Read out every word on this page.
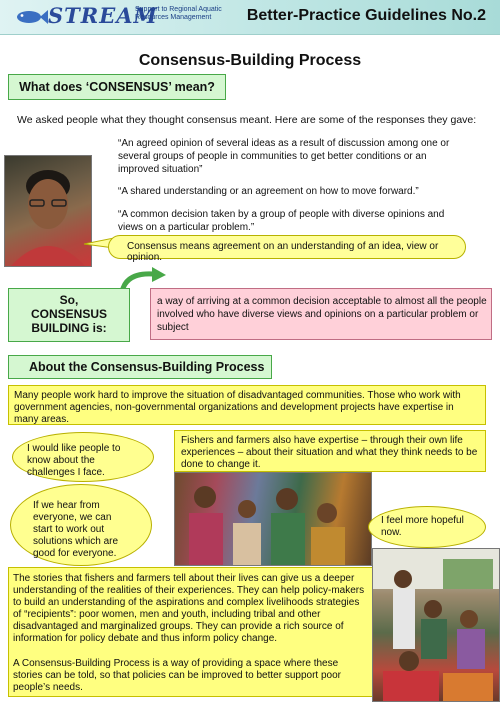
STREAM
Support to Regional Aquatic
Resources Management	Better-Practice Guidelines No.2
Consensus-Building Process
What does ‘CONSENSUS’ mean?
We asked people what they thought consensus meant. Here are some of the responses they gave:
“An agreed opinion of several ideas as a result of discussion among one or several groups of people in communities to get better conditions or an improved situation”
“A shared understanding or an agreement on how to move forward.”
“A common decision taken by a group of people with diverse opinions and views on a particular problem.”
Consensus means agreement on an understanding of an idea, view or opinion.
So,
CONSENSUS
BUILDING is:
a way of arriving at a common decision acceptable to almost all the people involved who have diverse views and opinions on a particular problem or subject
About the Consensus-Building Process
Many people work hard to improve the situation of disadvantaged communities. Those who work with government agencies, non-governmental organizations and development projects have expertise in many areas.
I would like people to know about the challenges I face.
If we hear from everyone, we can start to work out solutions which are good for everyone.
Fishers and farmers also have expertise – through their own life experiences – about their situation and what they think needs to be done to change it.
I feel more hopeful now.
The stories that fishers and farmers tell about their lives can give us a deeper understanding of the realities of their experiences. They can help policy-makers to build an understanding of the aspirations and complex livelihoods strategies of “recipients”: poor women, men and youth, including tribal and other disadvantaged and marginalized groups. They can provide a rich source of information for policy debate and thus inform policy change.
A Consensus-Building Process is a way of providing a space where these stories can be told, so that policies can be improved to better support poor people’s needs.
